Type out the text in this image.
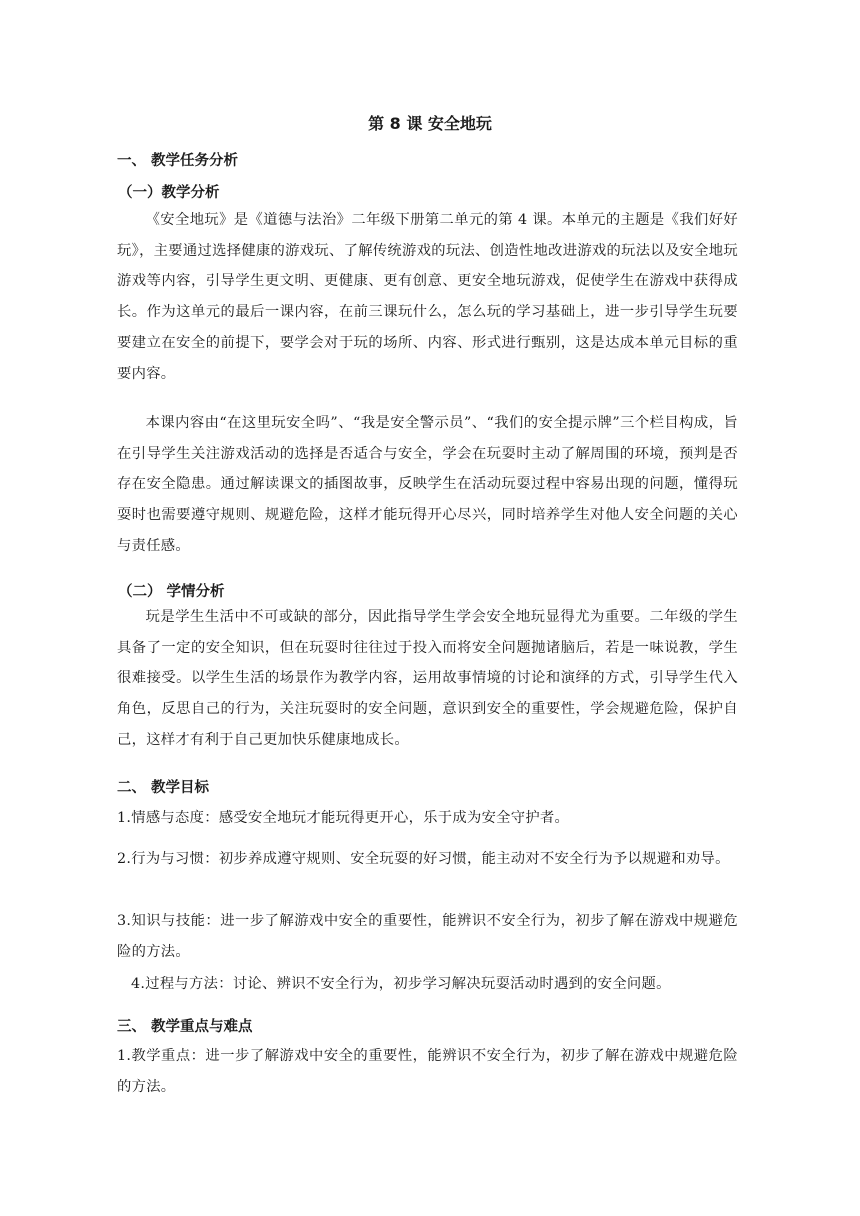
第 8 课 安全地玩
一、 教学任务分析
（一）教学分析

《安全地玩》是《道德与法治》二年级下册第二单元的第 4 课。本单元的主题是《我们好好玩》，主要通过选择健康的游戏玩、了解传统游戏的玩法、创造性地改进游戏的玩法以及安全地玩游戏等内容，引导学生更文明、更健康、更有创意、更安全地玩游戏，促使学生在游戏中获得成长。作为这单元的最后一课内容，在前三课玩什么，怎么玩的学习基础上，进一步引导学生玩要要建立在安全的前提下，要学会对于玩的场所、内容、形式进行甄别，这是达成本单元目标的重要内容。

本课内容由“在这里玩安全吗”、“我是安全警示员”、“我们的安全提示牌”三个栏目构成，旨在引导学生关注游戏活动的选择是否适合与安全，学会在玩耍时主动了解周围的环境，预判是否存在安全隐患。通过解读课文的插图故事，反映学生在活动玩耍过程中容易出现的问题，懂得玩耍时也需要遵守规则、规避危险，这样才能玩得开心尽兴，同时培养学生对他人安全问题的关心与责任感。

（二） 学情分析

玩是学生生活中不可或缺的部分，因此指导学生学会安全地玩显得尤为重要。二年级的学生具备了一定的安全知识，但在玩耍时往往过于投入而将安全问题抛诸脑后，若是一味说教，学生很难接受。以学生生活的场景作为教学内容，运用故事情境的讨论和演绎的方式，引导学生代入角色，反思自己的行为，关注玩耍时的安全问题，意识到安全的重要性，学会规避危险，保护自己，这样才有利于自己更加快乐健康地成长。

二、 教学目标

1.情感与态度：感受安全地玩才能玩得更开心，乐于成为安全守护者。

2.行为与习惯：初步养成遵守规则、安全玩耍的好习惯，能主动对不安全行为予以规避和劝导。

3.知识与技能：进一步了解游戏中安全的重要性，能辨识不安全行为，初步了解在游戏中规避危险的方法。

4.过程与方法：讨论、辨识不安全行为，初步学习解决玩耍活动时遇到的安全问题。

三、 教学重点与难点

1.教学重点：进一步了解游戏中安全的重要性，能辨识不安全行为，初步了解在游戏中规避危险的方法。
